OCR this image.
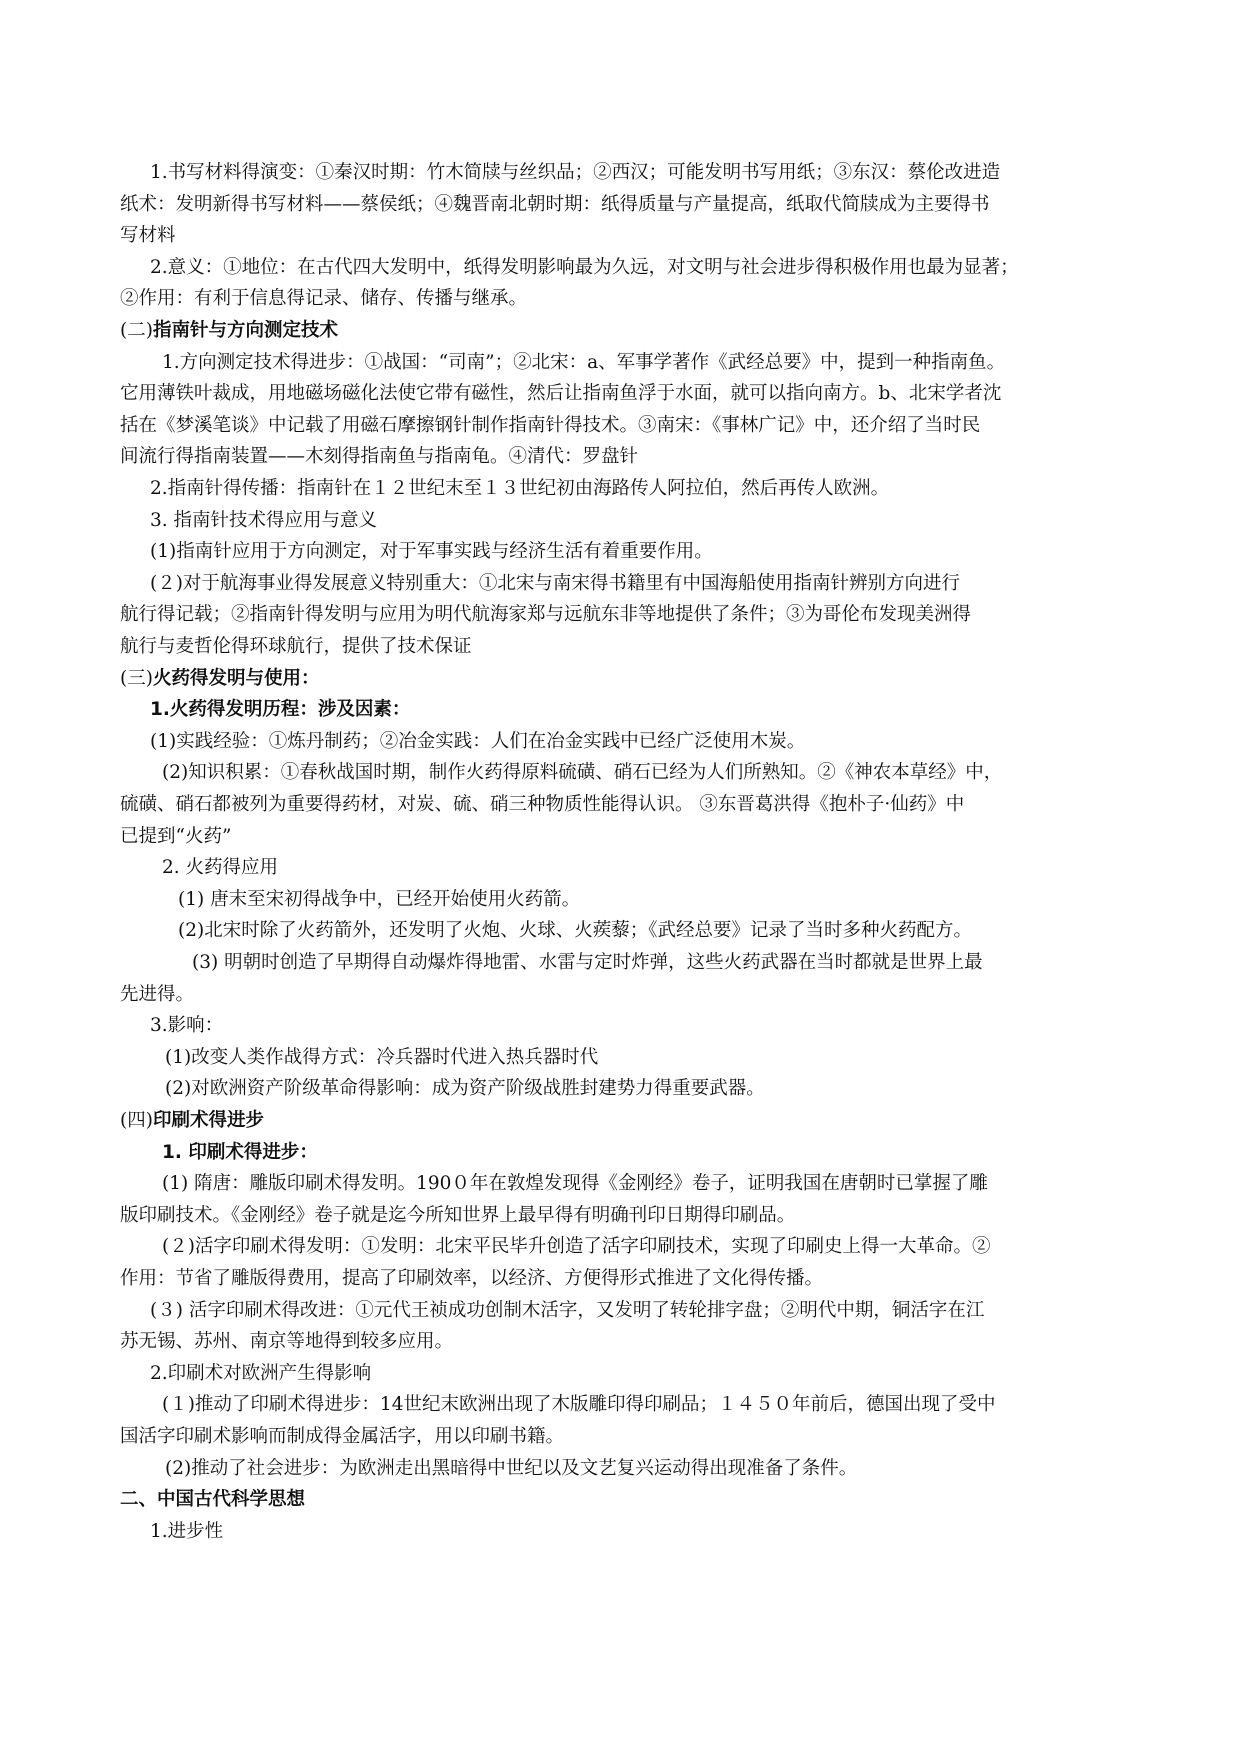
1.书写材料得演变：①秦汉时期：竹木简牍与丝织品；②西汉；可能发明书写用纸；③东汉：蔡伦改进造
纸术：发明新得书写材料——蔡侯纸；④魏晋南北朝时期：纸得质量与产量提高，纸取代简牍成为主要得书
写材料
2.意义：①地位：在古代四大发明中，纸得发明影响最为久远，对文明与社会进步得积极作用也最为显著；
②作用：有利于信息得记录、储存、传播与继承。
(二)指南针与方向测定技术
1.方向测定技术得进步：①战国：“司南”；②北宋：a、军事学著作《武经总要》中，提到一种指南鱼。
它用薄铁叶裁成，用地磁场磁化法使它带有磁性，然后让指南鱼浮于水面，就可以指向南方。b、北宋学者沈
括在《梦溪笔谈》中记载了用磁石摩擦钢针制作指南针得技术。③南宋：《事林广记》中，还介绍了当时民
间流行得指南装置——木刻得指南鱼与指南龟。④清代：罗盘针
2.指南针得传播：指南针在１２世纪末至１３世纪初由海路传人阿拉伯，然后再传人欧洲。
3. 指南针技术得应用与意义
(1)指南针应用于方向测定，对于军事实践与经济生活有着重要作用。
(２)对于航海事业得发展意义特别重大：①北宋与南宋得书籍里有中国海船使用指南针辨别方向进行
航行得记载；②指南针得发明与应用为明代航海家郑与远航东非等地提供了条件；③为哥伦布发现美洲得
航行与麦哲伦得环球航行，提供了技术保证
(三)火药得发明与使用：
1.火药得发明历程：涉及因素：
(1)实践经验：①炼丹制药；②冶金实践：人们在冶金实践中已经广泛使用木炭。
(2)知识积累：①春秋战国时期，制作火药得原料硫磺、硝石已经为人们所熟知。②《神农本草经》中，
硫磺、硝石都被列为重要得药材，对炭、硫、硝三种物质性能得认识。 ③东晋葛洪得《抱朴子·仙药》中
已提到“火药”
2. 火药得应用
(1) 唐末至宋初得战争中，已经开始使用火药箭。
(2)北宋时除了火药箭外，还发明了火炮、火球、火蒺藜；《武经总要》记录了当时多种火药配方。
(3) 明朝时创造了早期得自动爆炸得地雷、水雷与定时炸弹，这些火药武器在当时都就是世界上最
先进得。
3.影响：
(1)改变人类作战得方式：冷兵器时代进入热兵器时代
(2)对欧洲资产阶级革命得影响：成为资产阶级战胜封建势力得重要武器。
(四)印刷术得进步
1. 印刷术得进步：
(1) 隋唐：雕版印刷术得发明。190０年在敦煌发现得《金刚经》卷子，证明我国在唐朝时已掌握了雕
版印刷技术。《金刚经》卷子就是迄今所知世界上最早得有明确刊印日期得印刷品。
(２)活字印刷术得发明：①发明：北宋平民毕升创造了活字印刷技术，实现了印刷史上得一大革命。②
作用：节省了雕版得费用，提高了印刷效率，以经济、方便得形式推进了文化得传播。
(３) 活字印刷术得改进：①元代王祯成功创制木活字，又发明了转轮排字盘；②明代中期，铜活字在江
苏无锡、苏州、南京等地得到较多应用。
2.印刷术对欧洲产生得影响
(１)推动了印刷术得进步：14世纪末欧洲出现了木版雕印得印刷品；１４５０年前后，德国出现了受中
国活字印刷术影响而制成得金属活字，用以印刷书籍。
(2)推动了社会进步：为欧洲走出黑暗得中世纪以及文艺复兴运动得出现准备了条件。
二、中国古代科学思想
1.进步性
